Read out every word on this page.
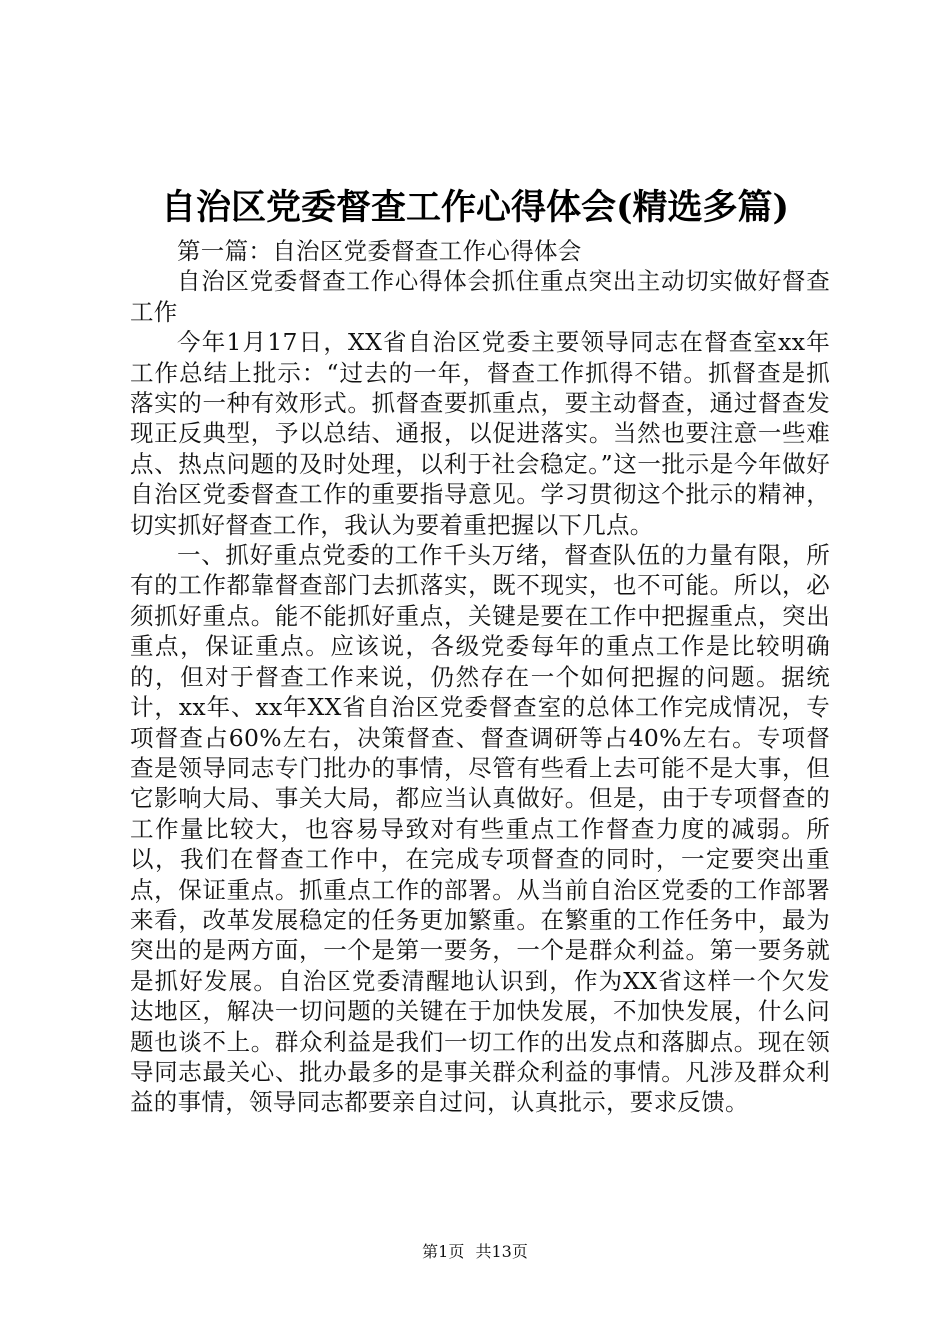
自治区党委督查工作心得体会(精选多篇)

第一篇：自治区党委督查工作心得体会

自治区党委督查工作心得体会抓住重点突出主动切实做好督查工作

今年1月17日，XX省自治区党委主要领导同志在督查室xx年工作总结上批示：“过去的一年，督查工作抓得不错。抓督查是抓落实的一种有效形式。抓督查要抓重点，要主动督查，通过督查发现正反典型，予以总结、通报，以促进落实。当然也要注意一些难点、热点问题的及时处理，以利于社会稳定。”这一批示是今年做好自治区党委督查工作的重要指导意见。学习贯彻这个批示的精神，切实抓好督查工作，我认为要着重把握以下几点。

一、抓好重点党委的工作千头万绪，督查队伍的力量有限，所有的工作都靠督查部门去抓落实，既不现实，也不可能。所以，必须抓好重点。能不能抓好重点，关键是要在工作中把握重点，突出重点，保证重点。应该说，各级党委每年的重点工作是比较明确的，但对于督查工作来说，仍然存在一个如何把握的问题。据统计，xx年、xx年XX省自治区党委督查室的总体工作完成情况，专项督查占60%左右，决策督查、督查调研等占40%左右。专项督查是领导同志专门批办的事情，尽管有些看上去可能不是大事，但它影响大局、事关大局，都应当认真做好。但是，由于专项督查的工作量比较大，也容易导致对有些重点工作督查力度的减弱。所以，我们在督查工作中，在完成专项督查的同时，一定要突出重点，保证重点。抓重点工作的部署。从当前自治区党委的工作部署来看，改革发展稳定的任务更加繁重。在繁重的工作任务中，最为突出的是两方面，一个是第一要务，一个是群众利益。第一要务就是抓好发展。自治区党委清醒地认识到，作为XX省这样一个欠发达地区，解决一切问题的关键在于加快发展，不加快发展，什么问题也谈不上。群众利益是我们一切工作的出发点和落脚点。现在领导同志最关心、批办最多的是事关群众利益的事情。凡涉及群众利益的事情，领导同志都要亲自过问，认真批示，要求反馈。

第1页 共13页
